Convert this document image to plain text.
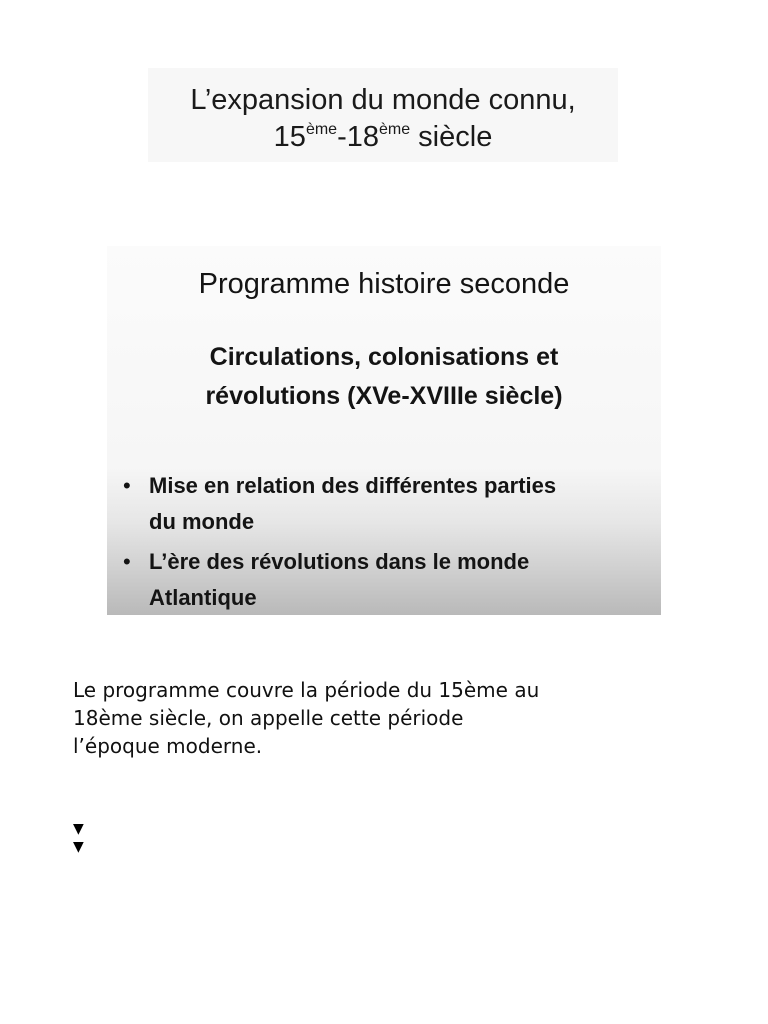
L’expansion du monde connu,
15ème-18ème siècle
Programme histoire seconde
Circulations, colonisations et
révolutions (XVe-XVIIIe siècle)
• Mise en relation des différentes parties
du monde
• L’ère des révolutions dans le monde
Atlantique

Le programme couvre la période du 15ème au
18ème siècle, on appelle cette période
l’époque moderne.

▼
▼
